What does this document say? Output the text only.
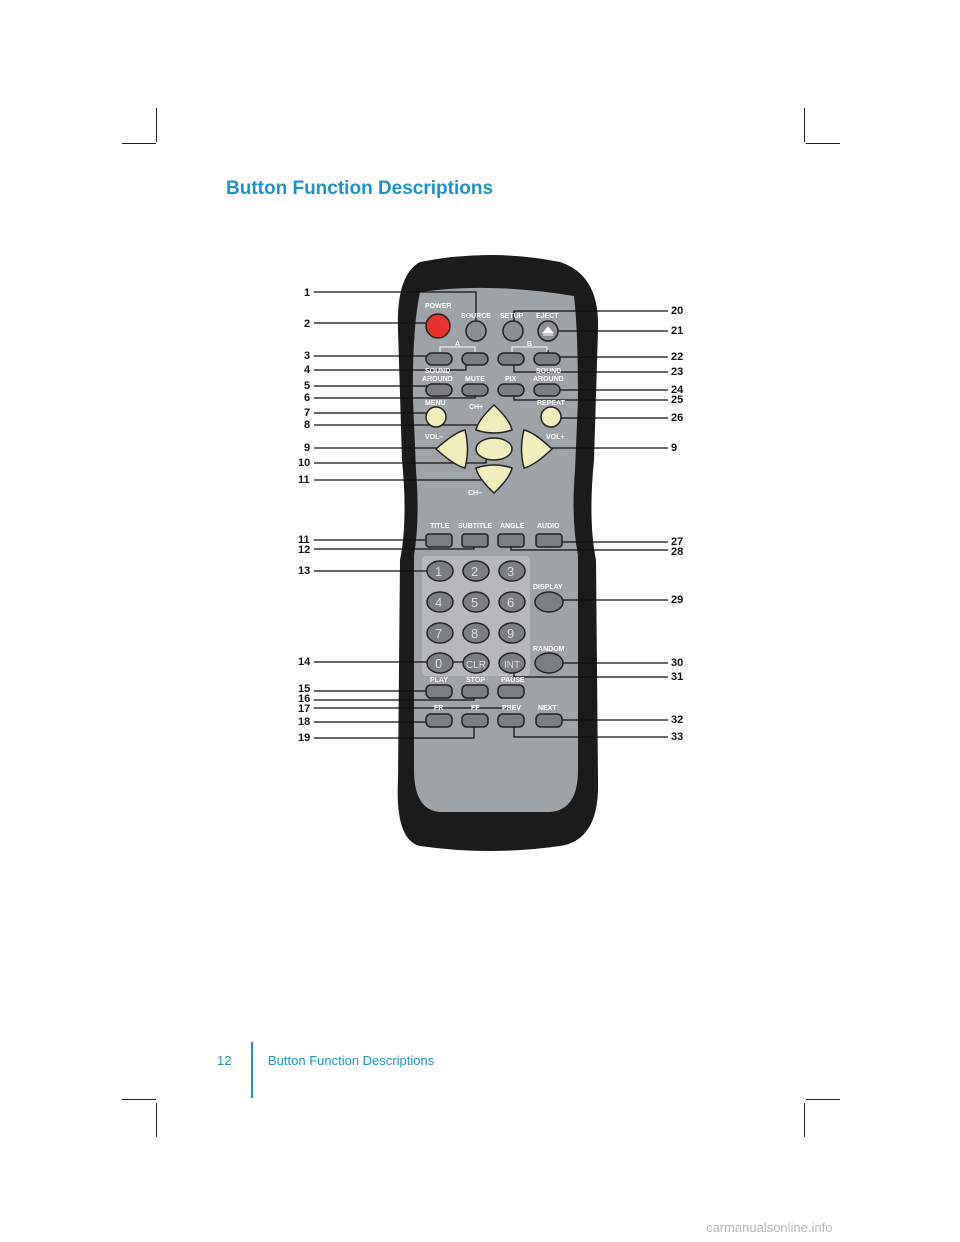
Button Function Descriptions
POWER
SOURCE SETUP EJECT
A	B
SOUND
AROUND MUTE	PIX
SOUND
AROUND
MENU	REPEAT
CH+
VOL–	VOL+
CH–
TITLE SUBTITLE ANGLE AUDIO
1 2 3
4 5 6
7 8 9
0 CLR INT
DISPLAY
RANDOM
PLAY	STOP PAUSE
FR	FF	PREV NEXT
1
2
3
4
5
6
7
8
9
10
11
11
12
13
14
15
16
17
18
19
20
21
22
23
24
25
26
9
27
28
29
30
31
32
33
12	Button Function Descriptions
carmanualsonline.info
